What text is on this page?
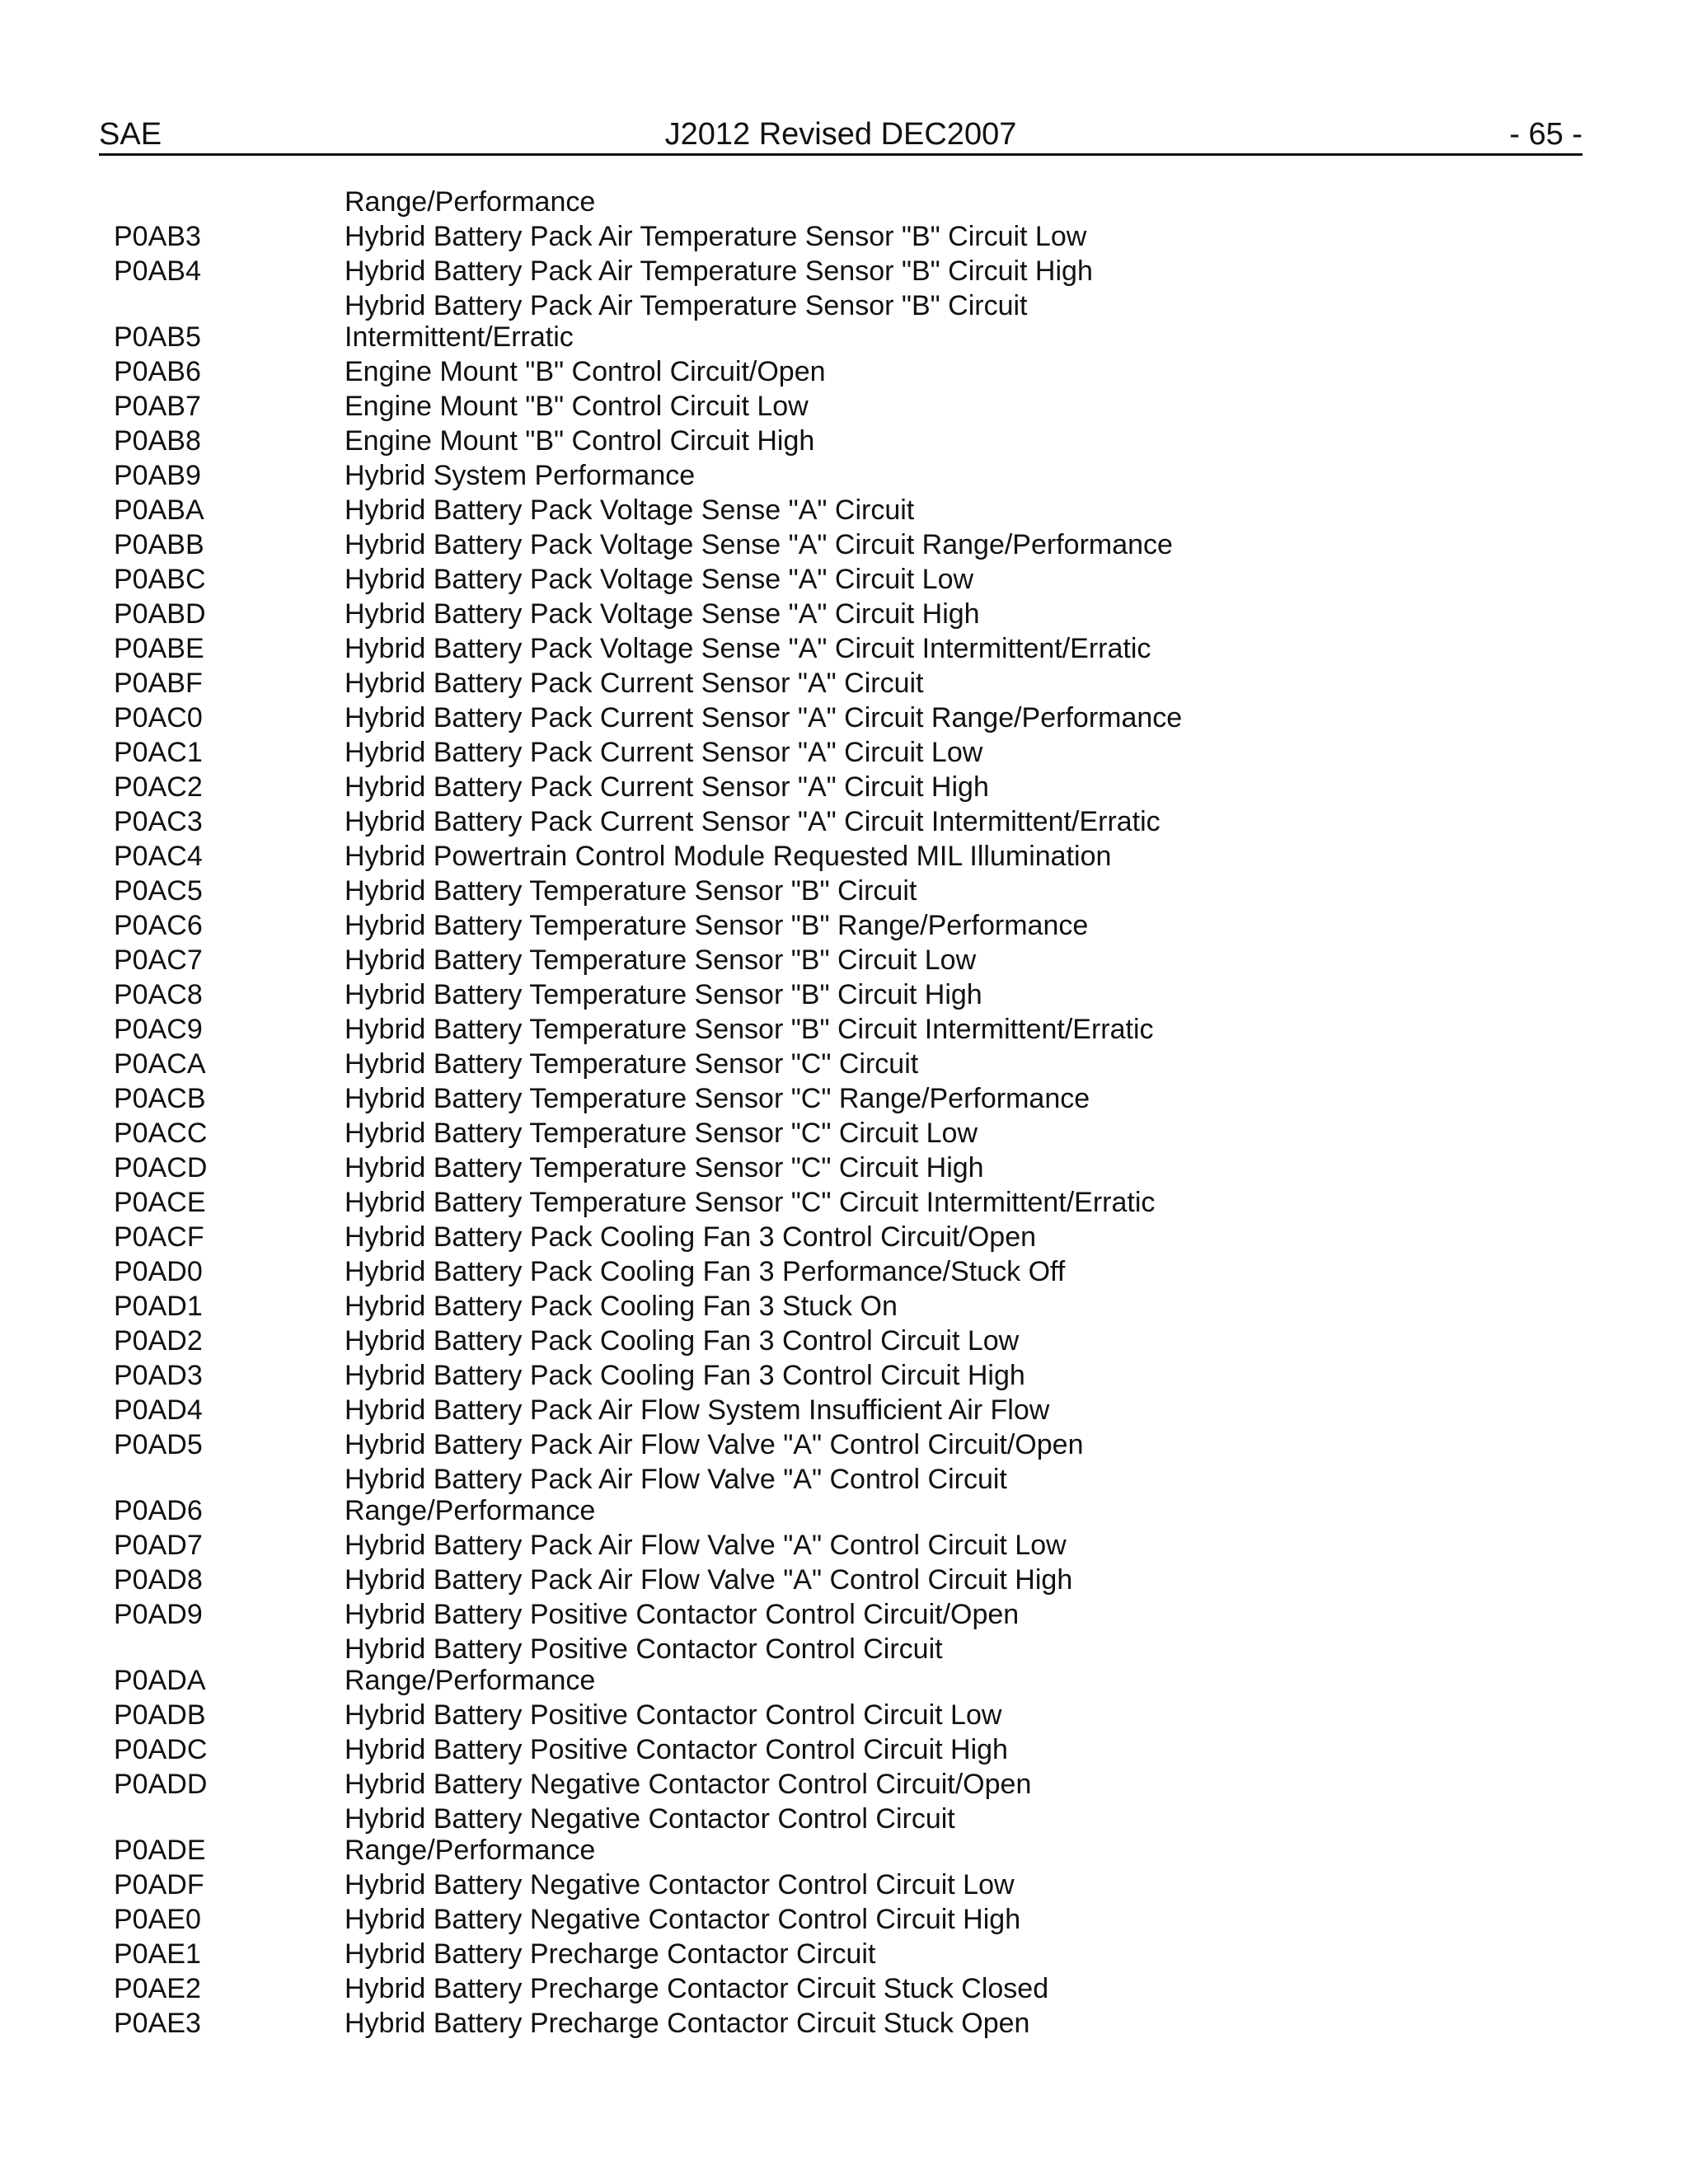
SAE	J2012 Revised DEC2007	- 65 -
Range/Performance
Hybrid Battery Pack Air Temperature Sensor "B" Circuit Low
P0AB3
Hybrid Battery Pack Air Temperature Sensor "B" Circuit High
P0AB4
Hybrid Battery Pack Air Temperature Sensor "B" Circuit
Intermittent/Erratic
P0AB5
Engine Mount "B" Control Circuit/Open
P0AB6
Engine Mount "B" Control Circuit Low
P0AB7
Engine Mount "B" Control Circuit High
P0AB8
Hybrid System Performance
P0AB9
Hybrid Battery Pack Voltage Sense "A" Circuit
P0ABA
Hybrid Battery Pack Voltage Sense "A" Circuit Range/Performance
P0ABB
Hybrid Battery Pack Voltage Sense "A" Circuit Low
P0ABC
Hybrid Battery Pack Voltage Sense "A" Circuit High
P0ABD
Hybrid Battery Pack Voltage Sense "A" Circuit Intermittent/Erratic
P0ABE
Hybrid Battery Pack Current Sensor "A" Circuit
P0ABF
Hybrid Battery Pack Current Sensor "A" Circuit Range/Performance
P0AC0
Hybrid Battery Pack Current Sensor "A" Circuit Low
P0AC1
Hybrid Battery Pack Current Sensor "A" Circuit High
P0AC2
Hybrid Battery Pack Current Sensor "A" Circuit Intermittent/Erratic
P0AC3
Hybrid Powertrain Control Module Requested MIL Illumination
P0AC4
Hybrid Battery Temperature Sensor "B" Circuit
P0AC5
Hybrid Battery Temperature Sensor "B" Range/Performance
P0AC6
Hybrid Battery Temperature Sensor "B" Circuit Low
P0AC7
Hybrid Battery Temperature Sensor "B" Circuit High
P0AC8
Hybrid Battery Temperature Sensor "B" Circuit Intermittent/Erratic
P0AC9
Hybrid Battery Temperature Sensor "C" Circuit
P0ACA
Hybrid Battery Temperature Sensor "C" Range/Performance
P0ACB
Hybrid Battery Temperature Sensor "C" Circuit Low
P0ACC
Hybrid Battery Temperature Sensor "C" Circuit High
P0ACD
Hybrid Battery Temperature Sensor "C" Circuit Intermittent/Erratic
P0ACE
Hybrid Battery Pack Cooling Fan 3 Control Circuit/Open
P0ACF
Hybrid Battery Pack Cooling Fan 3 Performance/Stuck Off
P0AD0
Hybrid Battery Pack Cooling Fan 3 Stuck On
P0AD1
Hybrid Battery Pack Cooling Fan 3 Control Circuit Low
P0AD2
Hybrid Battery Pack Cooling Fan 3 Control Circuit High
P0AD3
Hybrid Battery Pack Air Flow System Insufficient Air Flow
P0AD4
Hybrid Battery Pack Air Flow Valve "A" Control Circuit/Open
P0AD5
Hybrid Battery Pack Air Flow Valve "A" Control Circuit
Range/Performance
P0AD6
Hybrid Battery Pack Air Flow Valve "A" Control Circuit Low
P0AD7
Hybrid Battery Pack Air Flow Valve "A" Control Circuit High
P0AD8
Hybrid Battery Positive Contactor Control Circuit/Open
P0AD9
Hybrid Battery Positive Contactor Control Circuit
Range/Performance
P0ADA
Hybrid Battery Positive Contactor Control Circuit Low
P0ADB
Hybrid Battery Positive Contactor Control Circuit High
P0ADC
Hybrid Battery Negative Contactor Control Circuit/Open
P0ADD
Hybrid Battery Negative Contactor Control Circuit
Range/Performance
P0ADE
Hybrid Battery Negative Contactor Control Circuit Low
P0ADF
Hybrid Battery Negative Contactor Control Circuit High
P0AE0
Hybrid Battery Precharge Contactor Circuit
P0AE1
Hybrid Battery Precharge Contactor Circuit Stuck Closed
P0AE2
Hybrid Battery Precharge Contactor Circuit Stuck Open
P0AE3
